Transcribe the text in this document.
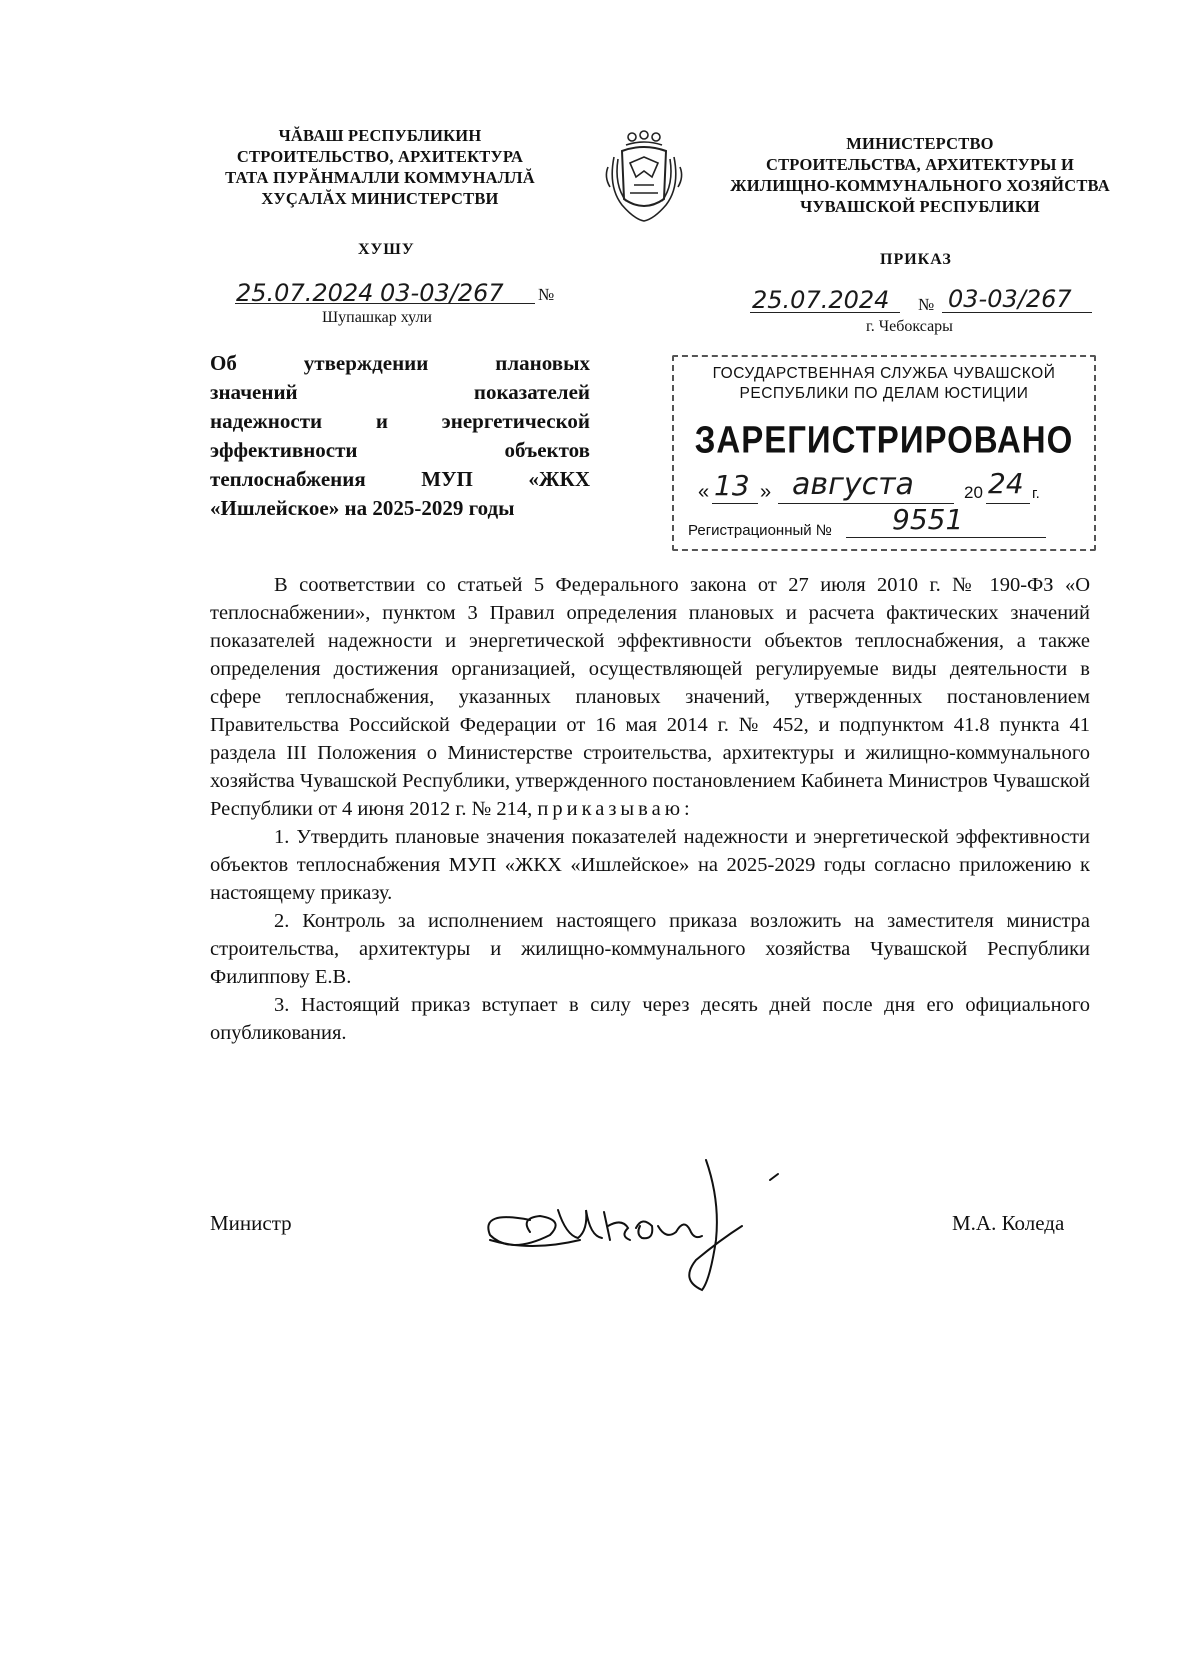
ЧĂВАШ РЕСПУБЛИКИН
СТРОИТЕЛЬСТВО, АРХИТЕКТУРА
ТАТА ПУРĂНМАЛЛИ КОММУНАЛЛĂ
ХУÇАЛĂХ МИНИСТЕРСТВИ
МИНИСТЕРСТВО
СТРОИТЕЛЬСТВА, АРХИТЕКТУРЫ И
ЖИЛИЩНО-КОММУНАЛЬНОГО ХОЗЯЙСТВА
ЧУВАШСКОЙ РЕСПУБЛИКИ
ХУШУ
ПРИКАЗ
25.07.2024 03-03/267 №
Шупашкар хули
25.07.2024 № 03-03/267
г. Чебоксары
Об утверждении плановых
значений показателей
надежности и энергетической
эффективности объектов
теплоснабжения МУП «ЖКХ
«Ишлейское» на 2025-2029 годы
ГОСУДАРСТВЕННАЯ СЛУЖБА ЧУВАШСКОЙ
РЕСПУБЛИКИ ПО ДЕЛАМ ЮСТИЦИИ
ЗАРЕГИСТРИРОВАНО
« 13 » августа	20 24 г.
Регистрационный № 9551

В соответствии со статьей 5 Федерального закона от 27 июля 2010 г. № 190-ФЗ «О теплоснабжении», пунктом 3 Правил определения плановых и расчета фактических значений показателей надежности и энергетической эффективности объектов теплоснабжения, а также определения достижения организацией, осуществляющей регулируемые виды деятельности в сфере теплоснабжения, указанных плановых значений, утвержденных постановлением Правительства Российской Федерации от 16 мая 2014 г. № 452, и подпунктом 41.8 пункта 41 раздела III Положения о Министерстве строительства, архитектуры и жилищно-коммунального хозяйства Чувашской Республики, утвержденного постановлением Кабинета Министров Чувашской Республики от 4 июня 2012 г. № 214, приказываю:

1. Утвердить плановые значения показателей надежности и энергетической эффективности объектов теплоснабжения МУП «ЖКХ «Ишлейское» на 2025-2029 годы согласно приложению к настоящему приказу.

2. Контроль за исполнением настоящего приказа возложить на заместителя министра строительства, архитектуры и жилищно-коммунального хозяйства Чувашской Республики Филиппову Е.В.

3. Настоящий приказ вступает в силу через десять дней после дня его официального опубликования.

Министр	М.А. Коледа
